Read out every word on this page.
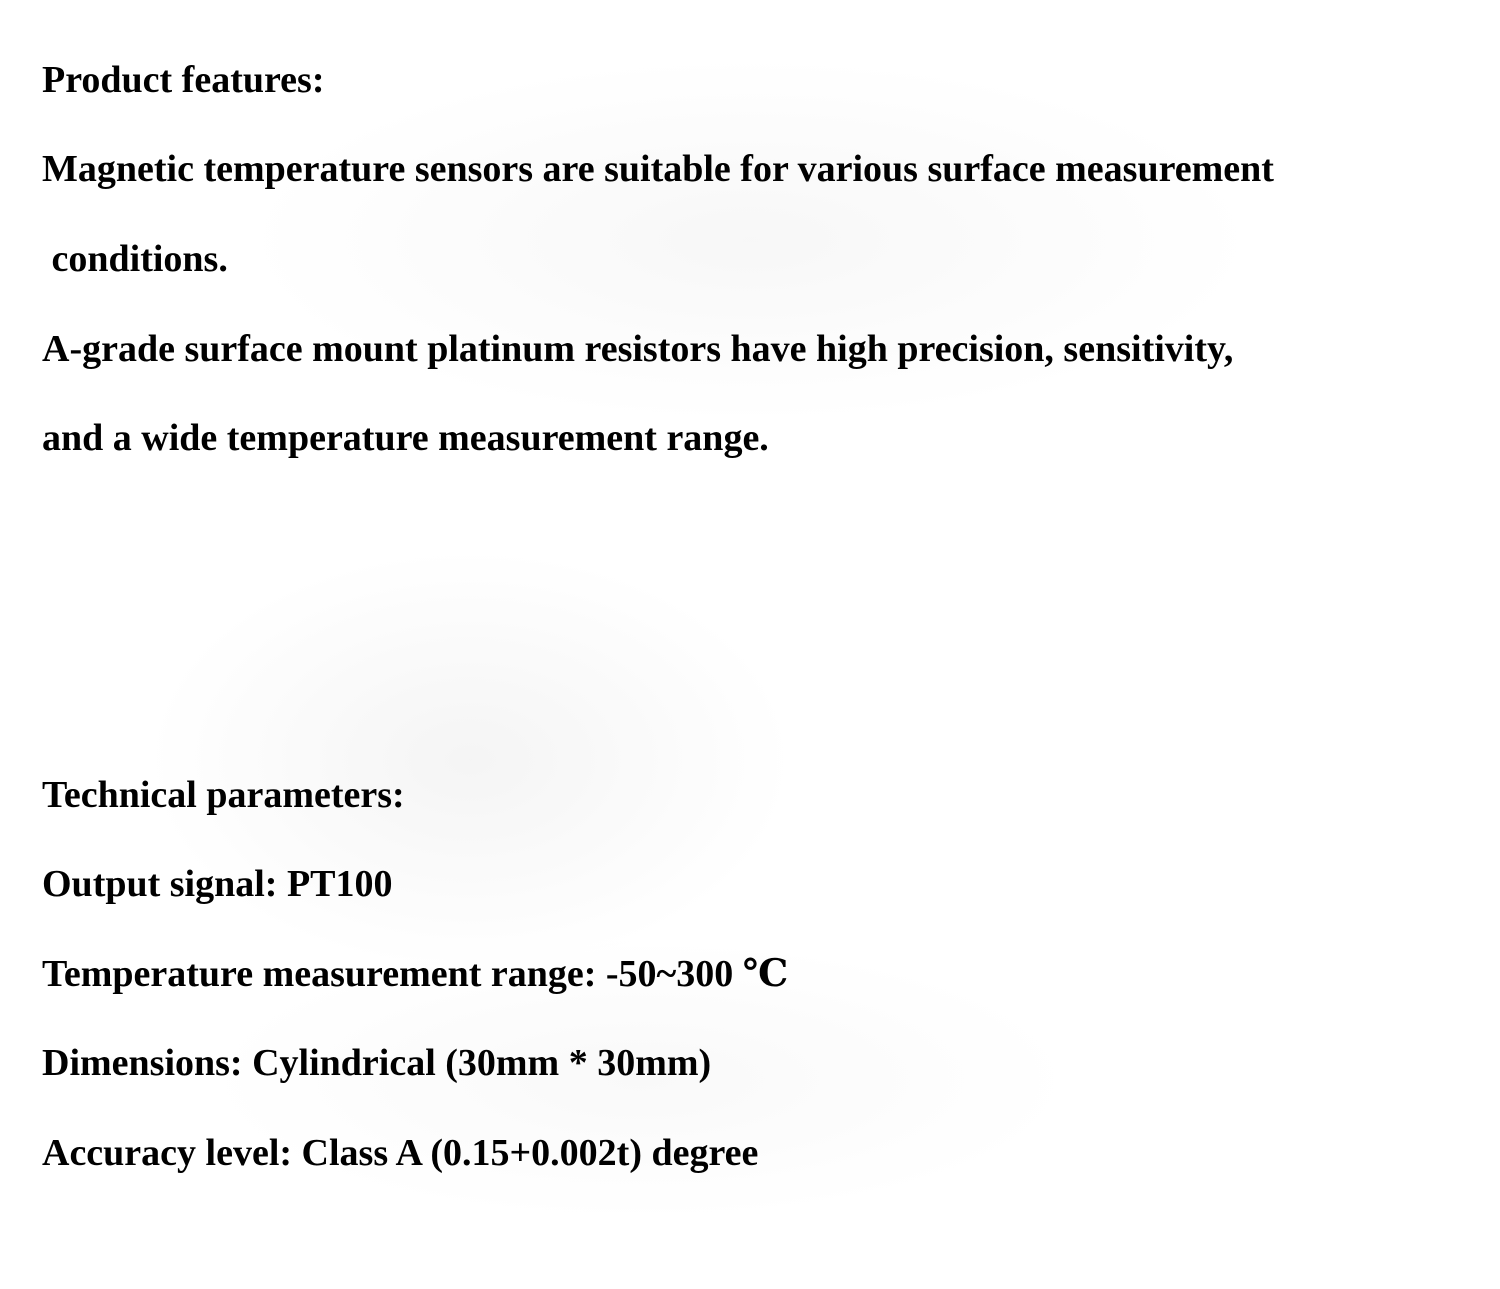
Product features:

Magnetic temperature sensors are suitable for various surface measurement

conditions.

A-grade surface mount platinum resistors have high precision, sensitivity,

and a wide temperature measurement range.

Technical parameters:

Output signal: PT100

Temperature measurement range: -50~300 ℃

Dimensions: Cylindrical (30mm * 30mm)

Accuracy level: Class A (0.15+0.002t) degree
